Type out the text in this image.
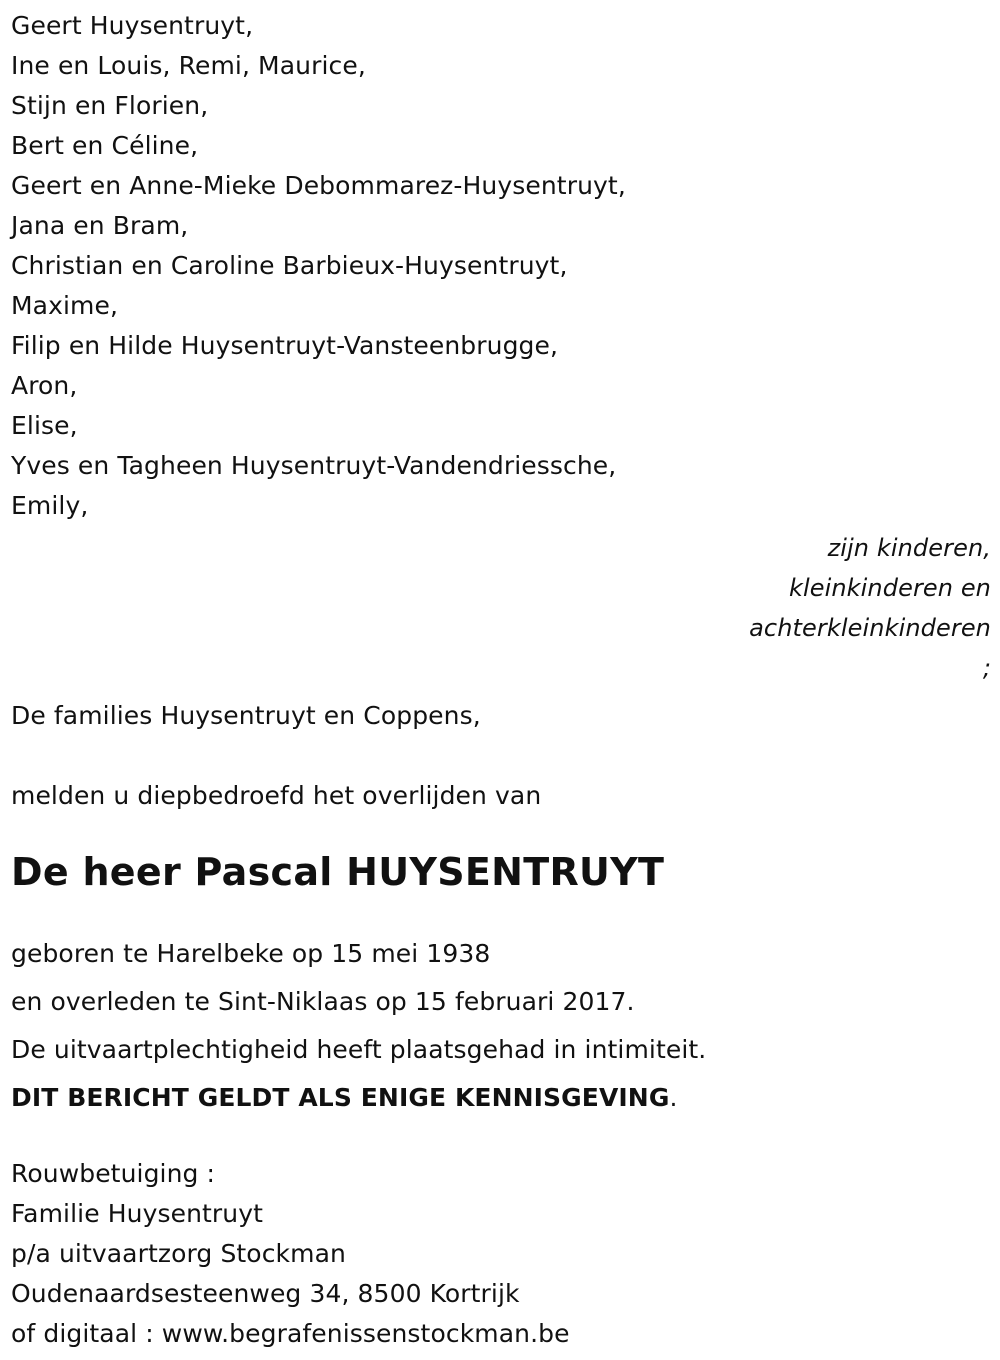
Geert Huysentruyt,
Ine en Louis, Remi, Maurice,
Stijn en Florien,
Bert en Céline,
Geert en Anne-Mieke Debommarez-Huysentruyt,
Jana en Bram,
Christian en Caroline Barbieux-Huysentruyt,
Maxime,
Filip en Hilde Huysentruyt-Vansteenbrugge,
Aron,
Elise,
Yves en Tagheen Huysentruyt-Vandendriessche,
Emily,
zijn kinderen,
kleinkinderen en
achterkleinkinderen
;
De families Huysentruyt en Coppens,
melden u diepbedroefd het overlijden van
De heer Pascal HUYSENTRUYT
geboren te Harelbeke op 15 mei 1938
en overleden te Sint-Niklaas op 15 februari 2017.
De uitvaartplechtigheid heeft plaatsgehad in intimiteit.
DIT BERICHT GELDT ALS ENIGE KENNISGEVING.
Rouwbetuiging :
Familie Huysentruyt
p/a uitvaartzorg Stockman
Oudenaardsesteenweg 34, 8500 Kortrijk
of digitaal : www.begrafenissenstockman.be
